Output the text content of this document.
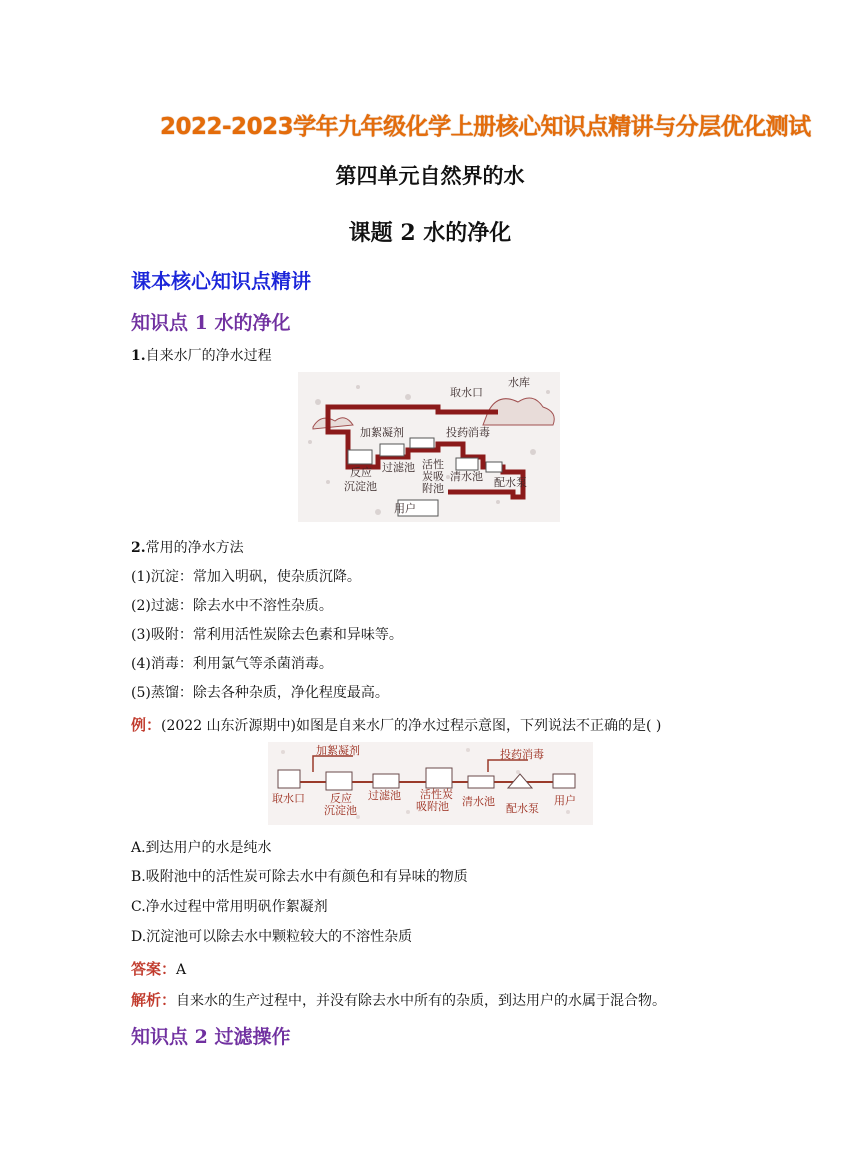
2022-2023学年九年级化学上册核心知识点精讲与分层优化测试
第四单元自然界的水
课题 2 水的净化
课本核心知识点精讲
知识点 1 水的净化
1.自来水厂的净水过程
取水口
水库
加絮凝剂	投药消毒
反应
沉淀池
过滤池 活性
炭吸
附池
清水池 配水泵
用户
2.常用的净水方法
(1)沉淀：常加入明矾，使杂质沉降。
(2)过滤：除去水中不溶性杂质。
(3)吸附：常利用活性炭除去色素和异味等。
(4)消毒：利用氯气等杀菌消毒。
(5)蒸馏：除去各种杂质，净化程度最高。
例：(2022 山东沂源期中)如图是自来水厂的净水过程示意图，下列说法不正确的是( )
加絮凝剂	投药消毒
取水口 反应
沉淀池
过滤池 活性炭
吸附池 清水池
配水泵
用户
A.到达用户的水是纯水
B.吸附池中的活性炭可除去水中有颜色和有异味的物质
C.净水过程中常用明矾作絮凝剂
D.沉淀池可以除去水中颗粒较大的不溶性杂质
答案：A
解析：自来水的生产过程中，并没有除去水中所有的杂质，到达用户的水属于混合物。
知识点 2 过滤操作
